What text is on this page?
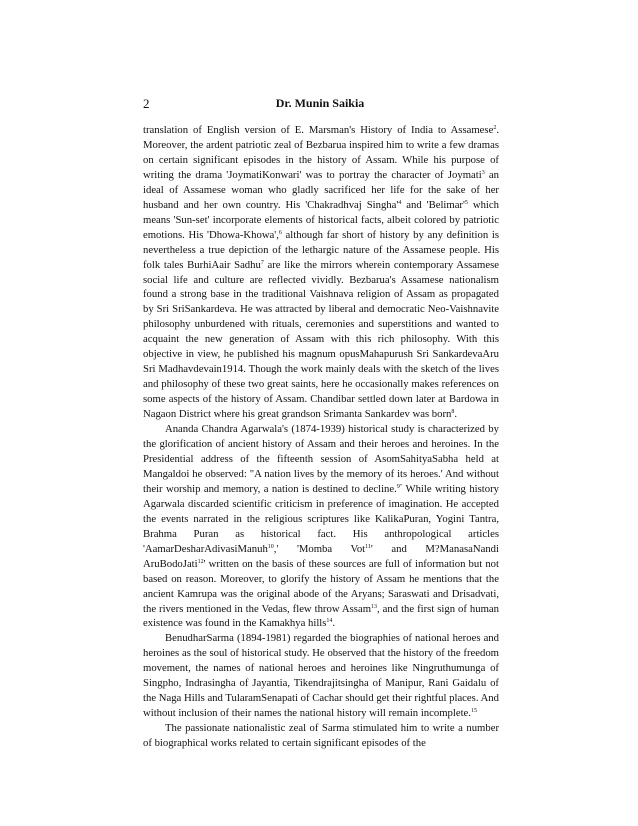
2	Dr. Munin Saikia

translation of English version of E. Marsman's History of India to Assamese$^2$. Moreover, the ardent patriotic zeal of Bezbarua inspired him to write a few dramas on certain significant episodes in the history of Assam. While his purpose of writing the drama 'JoymatiKonwari' was to portray the character of Joymati$^3$ an ideal of Assamese woman who gladly sacrificed her life for the sake of her husband and her own country. His 'Chakradhvaj $Singha'^4$ and '$Belimar'^5$ which means 'Sun-set' incorporate elements of historical facts, albeit colored by patriotic emotions. His 'Dhowa-Khowa',$^6$ although far short of history by any definition is nevertheless a true depiction of the lethargic nature of the Assamese people. His folk tales BurhiAair Sadhu$^7$ are like the mirrors wherein contemporary Assamese social life and culture are reflected vividly. Bezbarua's Assamese nationalism found a strong base in the traditional Vaishnava religion of Assam as propagated by Sri SriSankardeva. He was attracted by liberal and democratic Neo-Vaishnavite philosophy unburdened with rituals, ceremonies and superstitions and wanted to acquaint the new generation of Assam with this rich philosophy. With this objective in view, he published his magnum opusMahapurush Sri SankardevaAru Sri Madhavdevain1914. Though the work mainly deals with the sketch of the lives and philosophy of these two great saints, here he occasionally makes references on some aspects of the history of Assam. Chandibar settled down later at Bardowa in Nagaon District where his great grandson Srimanta Sankardev was born$^8$.

Ananda Chandra Agarwala's (1874-1939) historical study is characterized by the glorification of ancient history of Assam and their heroes and heroines. In the Presidential address of the fifteenth session of AsomSahityaSabha held at Mangaldoi he observed: "A nation lives by the memory of its heroes.' And without their worship and memory, a nation is destined to decline.$^{9"}$ While writing history Agarwala discarded scientific criticism in preference of imagination. He accepted the events narrated in the religious scriptures like KalikaPuran, Yogini Tantra, Brahma Puran as historical fact. His anthropological articles 'AamarDesharAdivasiManuh$^{10}$,' 'Momba Vot$^{11}$' and M?ManasaNandi AruBodoJati$^{12}$' written on the basis of these sources are full of information but not based on reason. Moreover, to glorify the history of Assam he mentions that the ancient Kamrupa was the original abode of the Aryans; Saraswati and Drisadvati, the rivers mentioned in the Vedas, flew throw Assam$^{13}$, and the first sign of human existence was found in the Kamakhya hills$^{14}$.

BenudharSarma (1894-1981) regarded the biographies of national heroes and heroines as the soul of historical study. He observed that the history of the freedom movement, the names of national heroes and heroines like Ningruthumunga of Singpho, Indrasingha of Jayantia, Tikendrajitsingha of Manipur, Rani Gaidalu of the Naga Hills and TularamSenapati of Cachar should get their rightful places. And without inclusion of their names the national history will remain incomplete.$^{15}$

The passionate nationalistic zeal of Sarma stimulated him to write a number of biographical works related to certain significant episodes of the
